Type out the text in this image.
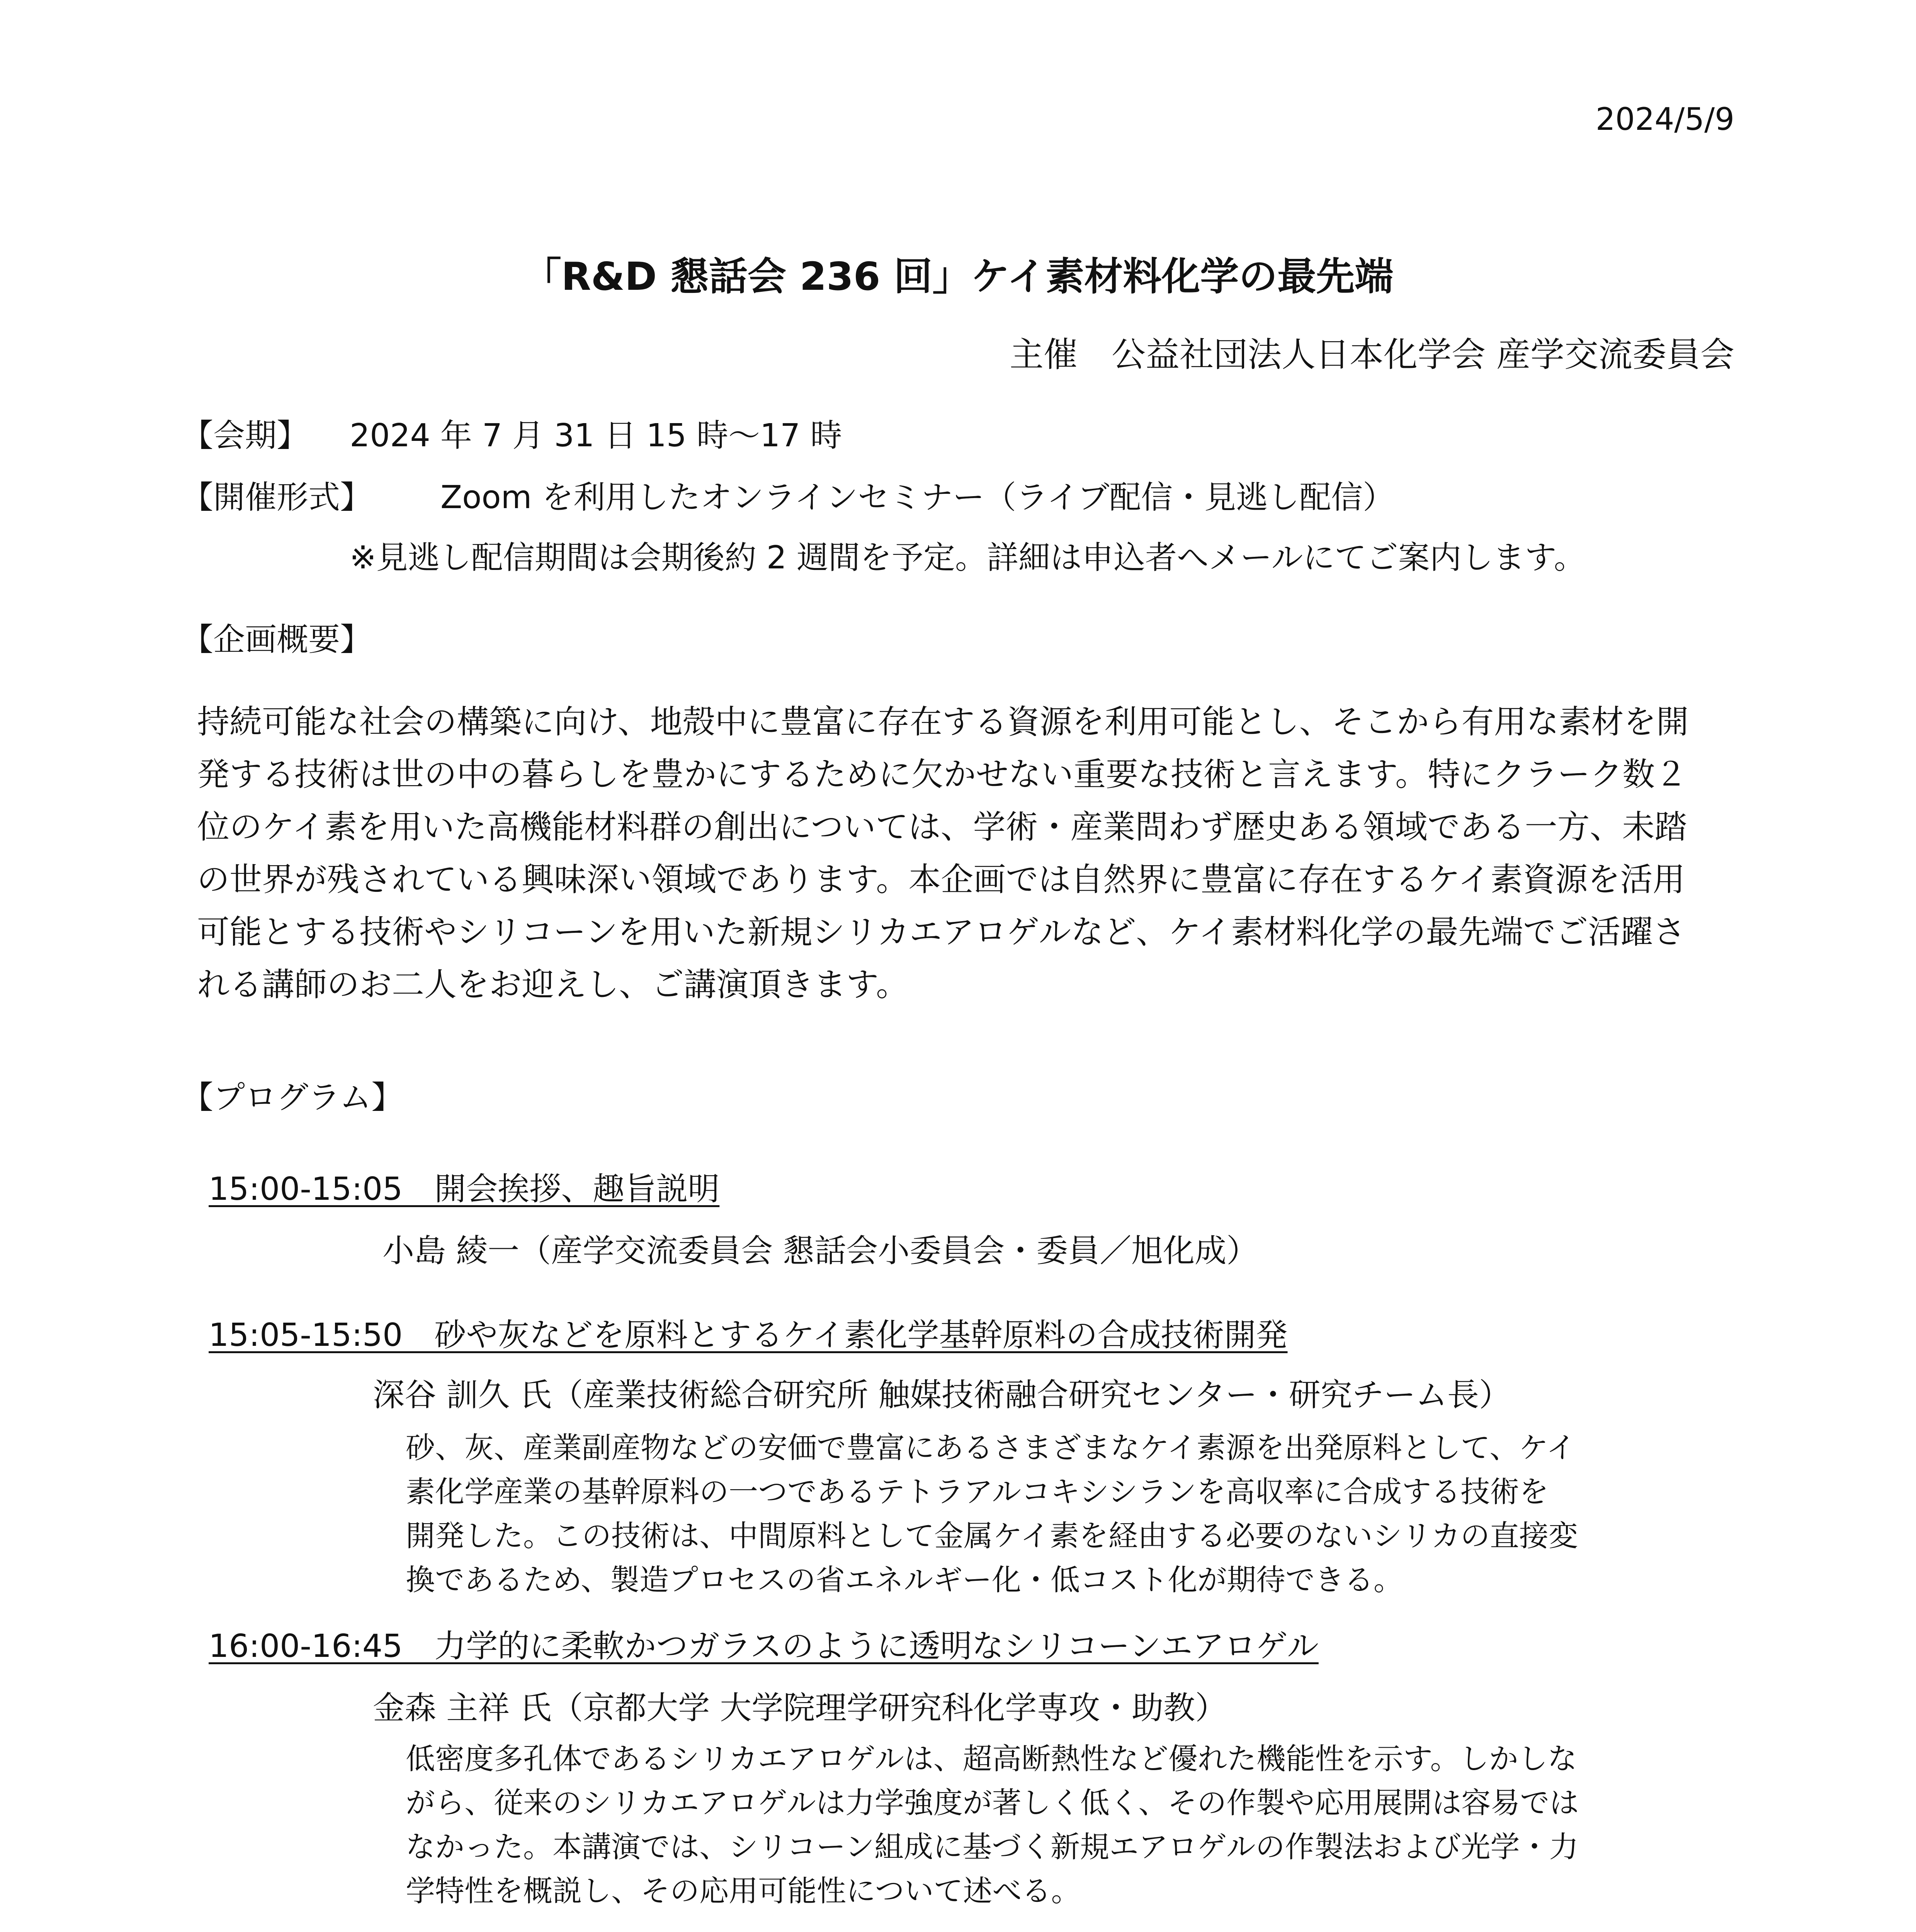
2024/5/9
「R&D 懇話会 236 回」ケイ素材料化学の最先端
主催　公益社団法人日本化学会 産学交流委員会
【会期】 2024 年 7 月 31 日 15 時～17 時
【開催形式】 Zoom を利用したオンラインセミナー（ライブ配信・見逃し配信）
※見逃し配信期間は会期後約 2 週間を予定。詳細は申込者へメールにてご案内します。
【企画概要】

持続可能な社会の構築に向け、地殻中に豊富に存在する資源を利用可能とし、そこから有用な素材を開

発する技術は世の中の暮らしを豊かにするために欠かせない重要な技術と言えます。特にクラーク数２

位のケイ素を用いた高機能材料群の創出については、学術・産業問わず歴史ある領域である一方、未踏

の世界が残されている興味深い領域であります。本企画では自然界に豊富に存在するケイ素資源を活用

可能とする技術やシリコーンを用いた新規シリカエアロゲルなど、ケイ素材料化学の最先端でご活躍さ

れる講師のお二人をお迎えし、ご講演頂きます。

【プログラム】
15:00-15:05　開会挨拶、趣旨説明
小島 綾一（産学交流委員会 懇話会小委員会・委員／旭化成）
15:05-15:50　砂や灰などを原料とするケイ素化学基幹原料の合成技術開発
深谷 訓久 氏（産業技術総合研究所 触媒技術融合研究センター・研究チーム長）

砂、灰、産業副産物などの安価で豊富にあるさまざまなケイ素源を出発原料として、ケイ

素化学産業の基幹原料の一つであるテトラアルコキシシランを高収率に合成する技術を

開発した。この技術は、中間原料として金属ケイ素を経由する必要のないシリカの直接変

換であるため、製造プロセスの省エネルギー化・低コスト化が期待できる。

16:00-16:45　力学的に柔軟かつガラスのように透明なシリコーンエアロゲル
金森 主祥 氏（京都大学 大学院理学研究科化学専攻・助教）

低密度多孔体であるシリカエアロゲルは、超高断熱性など優れた機能性を示す。しかしな

がら、従来のシリカエアロゲルは力学強度が著しく低く、その作製や応用展開は容易では

なかった。本講演では、シリコーン組成に基づく新規エアロゲルの作製法および光学・力

学特性を概説し、その応用可能性について述べる。
